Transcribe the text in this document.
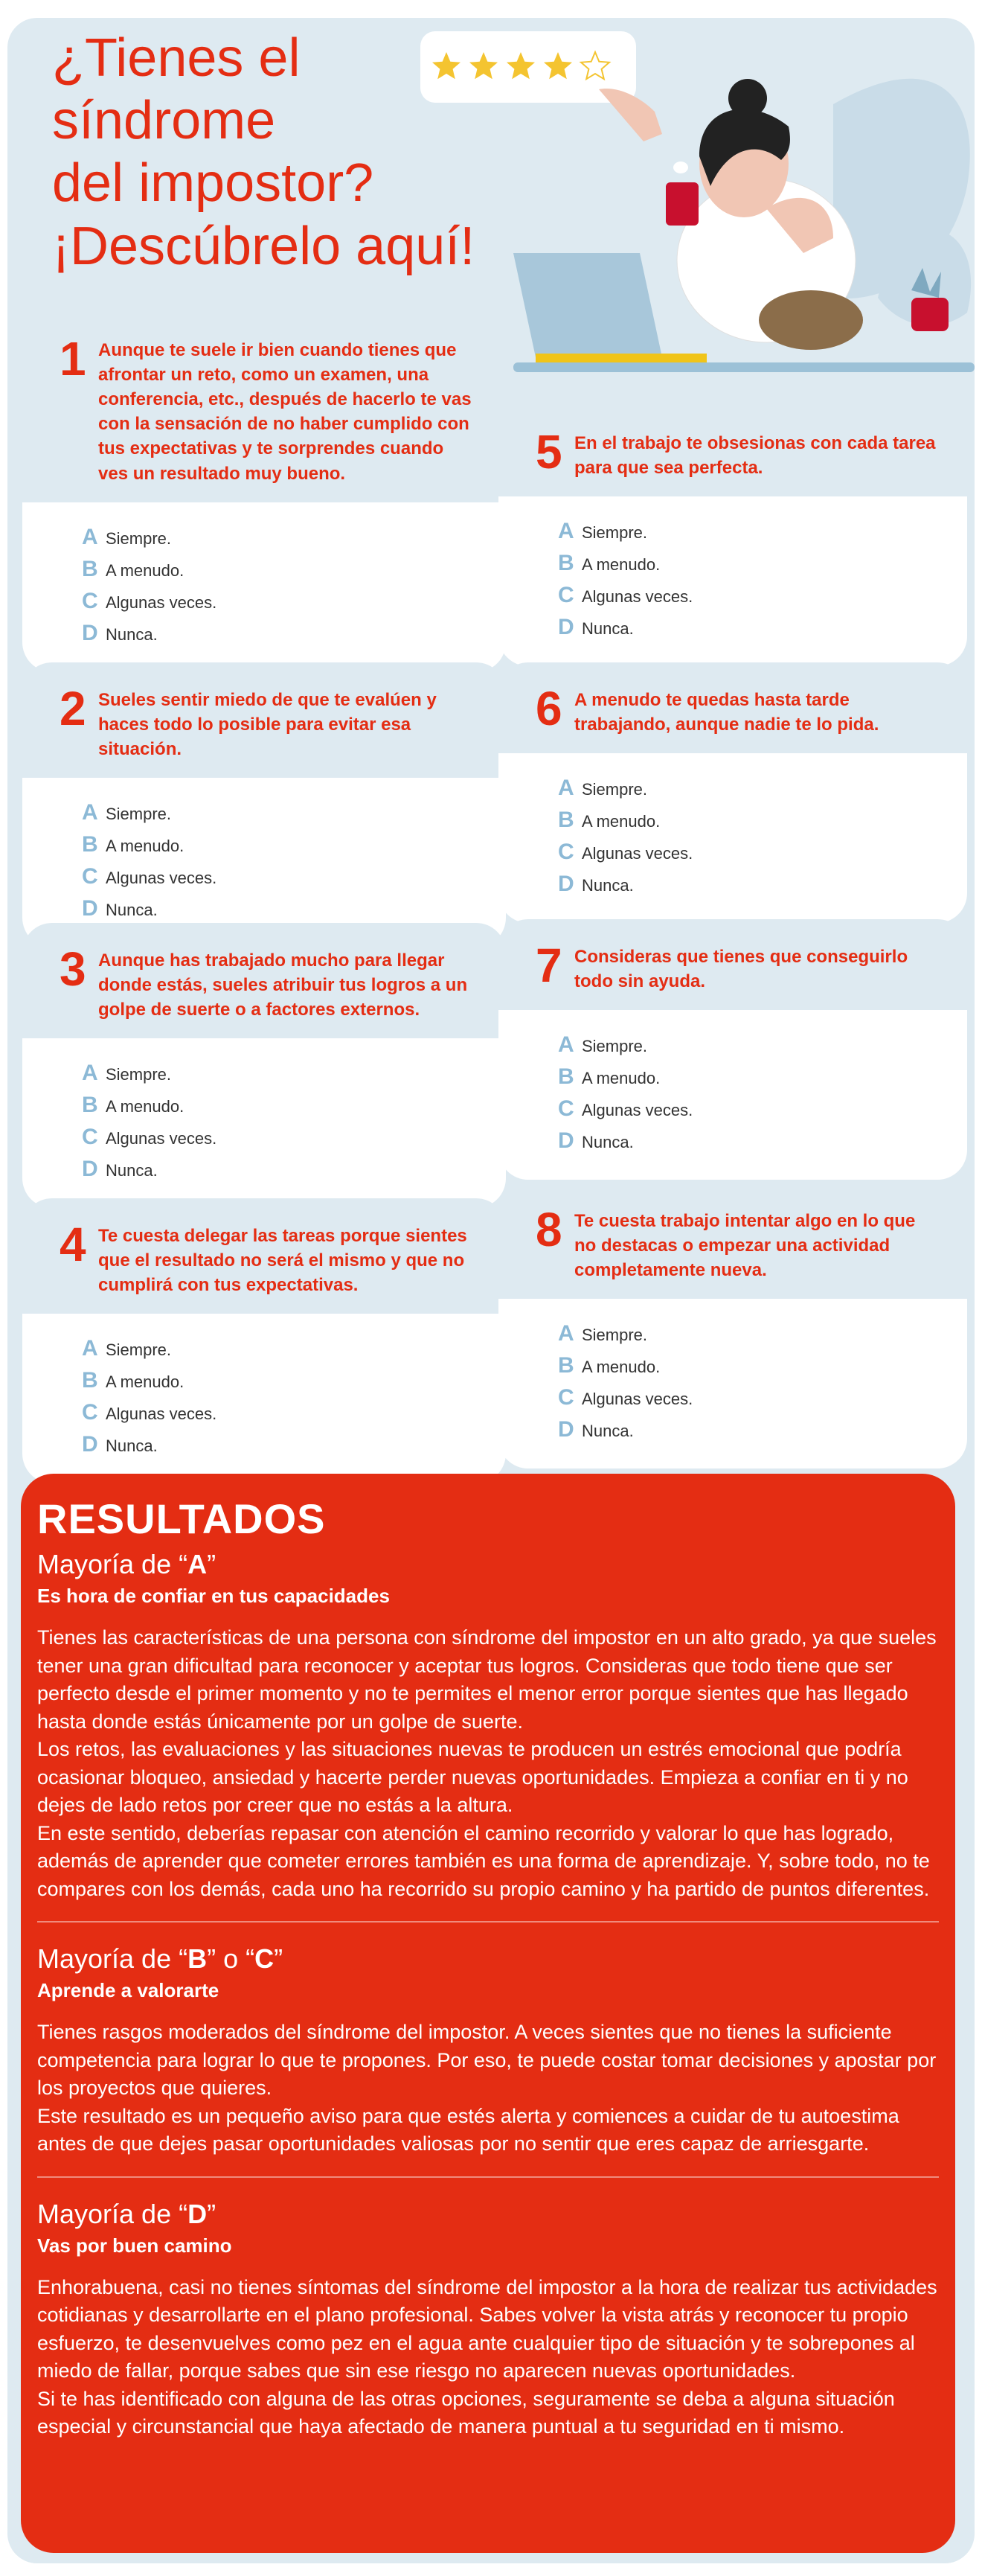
¿Tienes el
síndrome
del impostor?
¡Descúbrelo aquí!
1 Aunque te suele ir bien cuando tienes que afrontar un reto, como un examen, una conferencia, etc., después de hacerlo te vas con la sensación de no haber cumplido con tus expectativas y te sorprendes cuando ves un resultado muy bueno.
A Siempre.
B A menudo.
C Algunas veces.
D Nunca.
2 Sueles sentir miedo de que te evalúen y haces todo lo posible para evitar esa situación.
A Siempre.
B A menudo.
C Algunas veces.
D Nunca.
3 Aunque has trabajado mucho para llegar donde estás, sueles atribuir tus logros a un golpe de suerte o a factores externos.
A Siempre.
B A menudo.
C Algunas veces.
D Nunca.
4 Te cuesta delegar las tareas porque sientes que el resultado no será el mismo y que no cumplirá con tus expectativas.
A Siempre.
B A menudo.
C Algunas veces.
D Nunca.
5 En el trabajo te obsesionas con cada tarea para que sea perfecta.
A Siempre.
B A menudo.
C Algunas veces.
D Nunca.
6 A menudo te quedas hasta tarde trabajando, aunque nadie te lo pida.
A Siempre.
B A menudo.
C Algunas veces.
D Nunca.
7 Consideras que tienes que conseguirlo todo sin ayuda.
A Siempre.
B A menudo.
C Algunas veces.
D Nunca.
8 Te cuesta trabajo intentar algo en lo que no destacas o empezar una actividad completamente nueva.
A Siempre.
B A menudo.
C Algunas veces.
D Nunca.
RESULTADOS
Mayoría de “A”
Es hora de confiar en tus capacidades

Tienes las características de una persona con síndrome del impostor en un alto grado, ya que sueles tener una gran dificultad para reconocer y aceptar tus logros. Consideras que todo tiene que ser perfecto desde el primer momento y no te permites el menor error porque sientes que has llegado hasta donde estás únicamente por un golpe de suerte.

Los retos, las evaluaciones y las situaciones nuevas te producen un estrés emocional que podría ocasionar bloqueo, ansiedad y hacerte perder nuevas oportunidades. Empieza a confiar en ti y no dejes de lado retos por creer que no estás a la altura.

En este sentido, deberías repasar con atención el camino recorrido y valorar lo que has logrado, además de aprender que cometer errores también es una forma de aprendizaje. Y, sobre todo, no te compares con los demás, cada uno ha recorrido su propio camino y ha partido de puntos diferentes.

Mayoría de “B” o “C”
Aprende a valorarte

Tienes rasgos moderados del síndrome del impostor. A veces sientes que no tienes la suficiente competencia para lograr lo que te propones. Por eso, te puede costar tomar decisiones y apostar por los proyectos que quieres.

Este resultado es un pequeño aviso para que estés alerta y comiences a cuidar de tu autoestima antes de que dejes pasar oportunidades valiosas por no sentir que eres capaz de arriesgarte.

Mayoría de “D”
Vas por buen camino

Enhorabuena, casi no tienes síntomas del síndrome del impostor a la hora de realizar tus actividades cotidianas y desarrollarte en el plano profesional. Sabes volver la vista atrás y reconocer tu propio esfuerzo, te desenvuelves como pez en el agua ante cualquier tipo de situación y te sobrepones al miedo de fallar, porque sabes que sin ese riesgo no aparecen nuevas oportunidades.

Si te has identificado con alguna de las otras opciones, seguramente se deba a alguna situación especial y circunstancial que haya afectado de manera puntual a tu seguridad en ti mismo.
